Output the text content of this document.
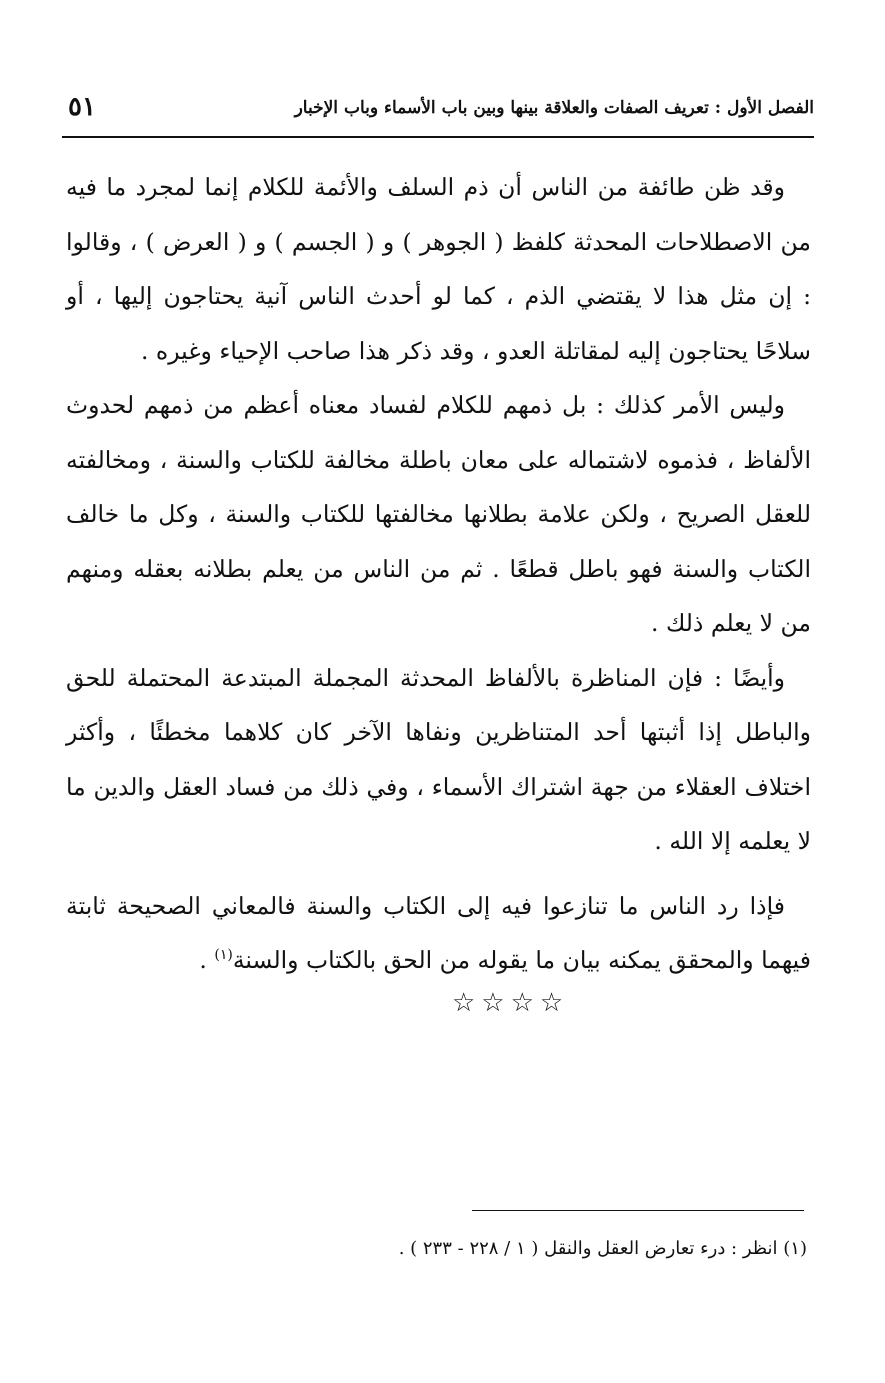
الفصل الأول : تعريف الصفات والعلاقة بينها وبين باب الأسماء وباب الإخبار
٥١

وقد ظن طائفة من الناس أن ذم السلف والأئمة للكلام إنما لمجرد ما فيه من الاصطلاحات المحدثة كلفظ ( الجوهر ) و ( الجسم ) و ( العرض ) ، وقالوا : إن مثل هذا لا يقتضي الذم ، كما لو أحدث الناس آنية يحتاجون إليها ، أو سلاحًا يحتاجون إليه لمقاتلة العدو ، وقد ذكر هذا صاحب الإحياء وغيره .

وليس الأمر كذلك : بل ذمهم للكلام لفساد معناه أعظم من ذمهم لحدوث الألفاظ ، فذموه لاشتماله على معان باطلة مخالفة للكتاب والسنة ، ومخالفته للعقل الصريح ، ولكن علامة بطلانها مخالفتها للكتاب والسنة ، وكل ما خالف الكتاب والسنة فهو باطل قطعًا . ثم من الناس من يعلم بطلانه بعقله ومنهم من لا يعلم ذلك .

وأيضًا : فإن المناظرة بالألفاظ المحدثة المجملة المبتدعة المحتملة للحق والباطل إذا أثبتها أحد المتناظرين ونفاها الآخر كان كلاهما مخطئًا ، وأكثر اختلاف العقلاء من جهة اشتراك الأسماء ، وفي ذلك من فساد العقل والدين ما لا يعلمه إلا الله .

فإذا رد الناس ما تنازعوا فيه إلى الكتاب والسنة فالمعاني الصحيحة ثابتة فيهما والمحقق يمكنه بيان ما يقوله من الحق بالكتاب والسنة$^{(١)}$ .

☆☆☆☆
(١) انظر : درء تعارض العقل والنقل ( ١ / ٢٢٨ - ٢٣٣ ) .
